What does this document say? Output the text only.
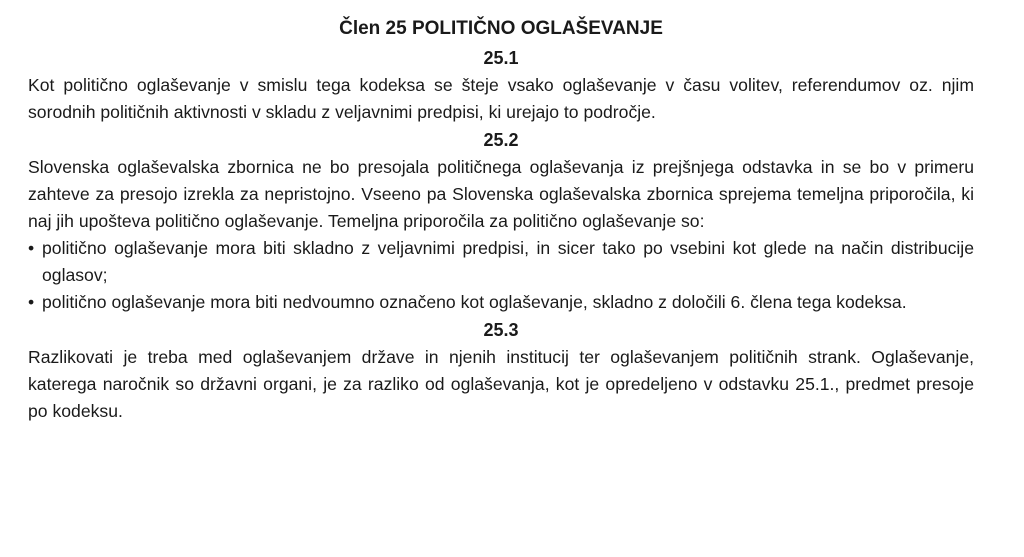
Člen 25 POLITIČNO OGLAŠEVANJE
25.1

Kot politično oglaševanje v smislu tega kodeksa se šteje vsako oglaševanje v času volitev, referendumov oz. njim sorodnih političnih aktivnosti v skladu z veljavnimi predpisi, ki urejajo to področje.

25.2

Slovenska oglaševalska zbornica ne bo presojala političnega oglaševanja iz prejšnjega odstavka in se bo v primeru zahteve za presojo izrekla za nepristojno. Vseeno pa Slovenska oglaševalska zbornica sprejema temeljna priporočila, ki naj jih upošteva politično oglaševanje. Temeljna priporočila za politično oglaševanje so:

• politično oglaševanje mora biti skladno z veljavnimi predpisi, in sicer tako po vsebini kot glede na način distribucije oglasov;
• politično oglaševanje mora biti nedvoumno označeno kot oglaševanje, skladno z določili 6. člena tega kodeksa.
25.3

Razlikovati je treba med oglaševanjem države in njenih institucij ter oglaševanjem političnih strank. Oglaševanje, katerega naročnik so državni organi, je za razliko od oglaševanja, kot je opredeljeno v odstavku 25.1., predmet presoje po kodeksu.
